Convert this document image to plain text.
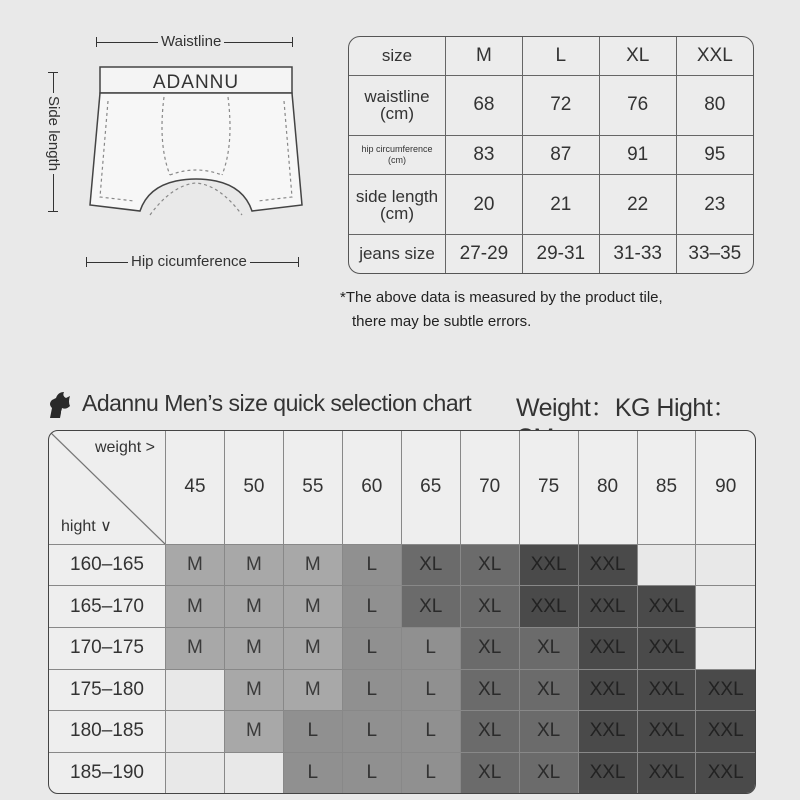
Waistline
Side length
ADANNU
Hip cicumference
size	M	L	XL	XXL

waistline
(cm)	68	72	76	80

hip circumference
(cm)	83	87	91	95

side length
(cm)	20	21	22	23

jeans size	27-29	29-31	31-33	33–35
*The above data is measured by the product tile,
there may be subtle errors.
Adannu Men’s size quick selection chart Weight：KG Hight：
weight >
hight ∨	45	50	55	60	65	70	75	80	85	90
160–165	M	M	M	L	XL	XL	XXL	XXL		
165–170	M	M	M	L	XL	XL	XXL	XXL	XXL	
170–175	M	M	M	L	L	XL	XL	XXL	XXL	
175–180		M	M	L	L	XL	XL	XXL	XXL	XXL
180–185		M	L	L	L	XL	XL	XXL	XXL	XXL
185–190			L	L	L	XL	XL	XXL	XXL	XXL
